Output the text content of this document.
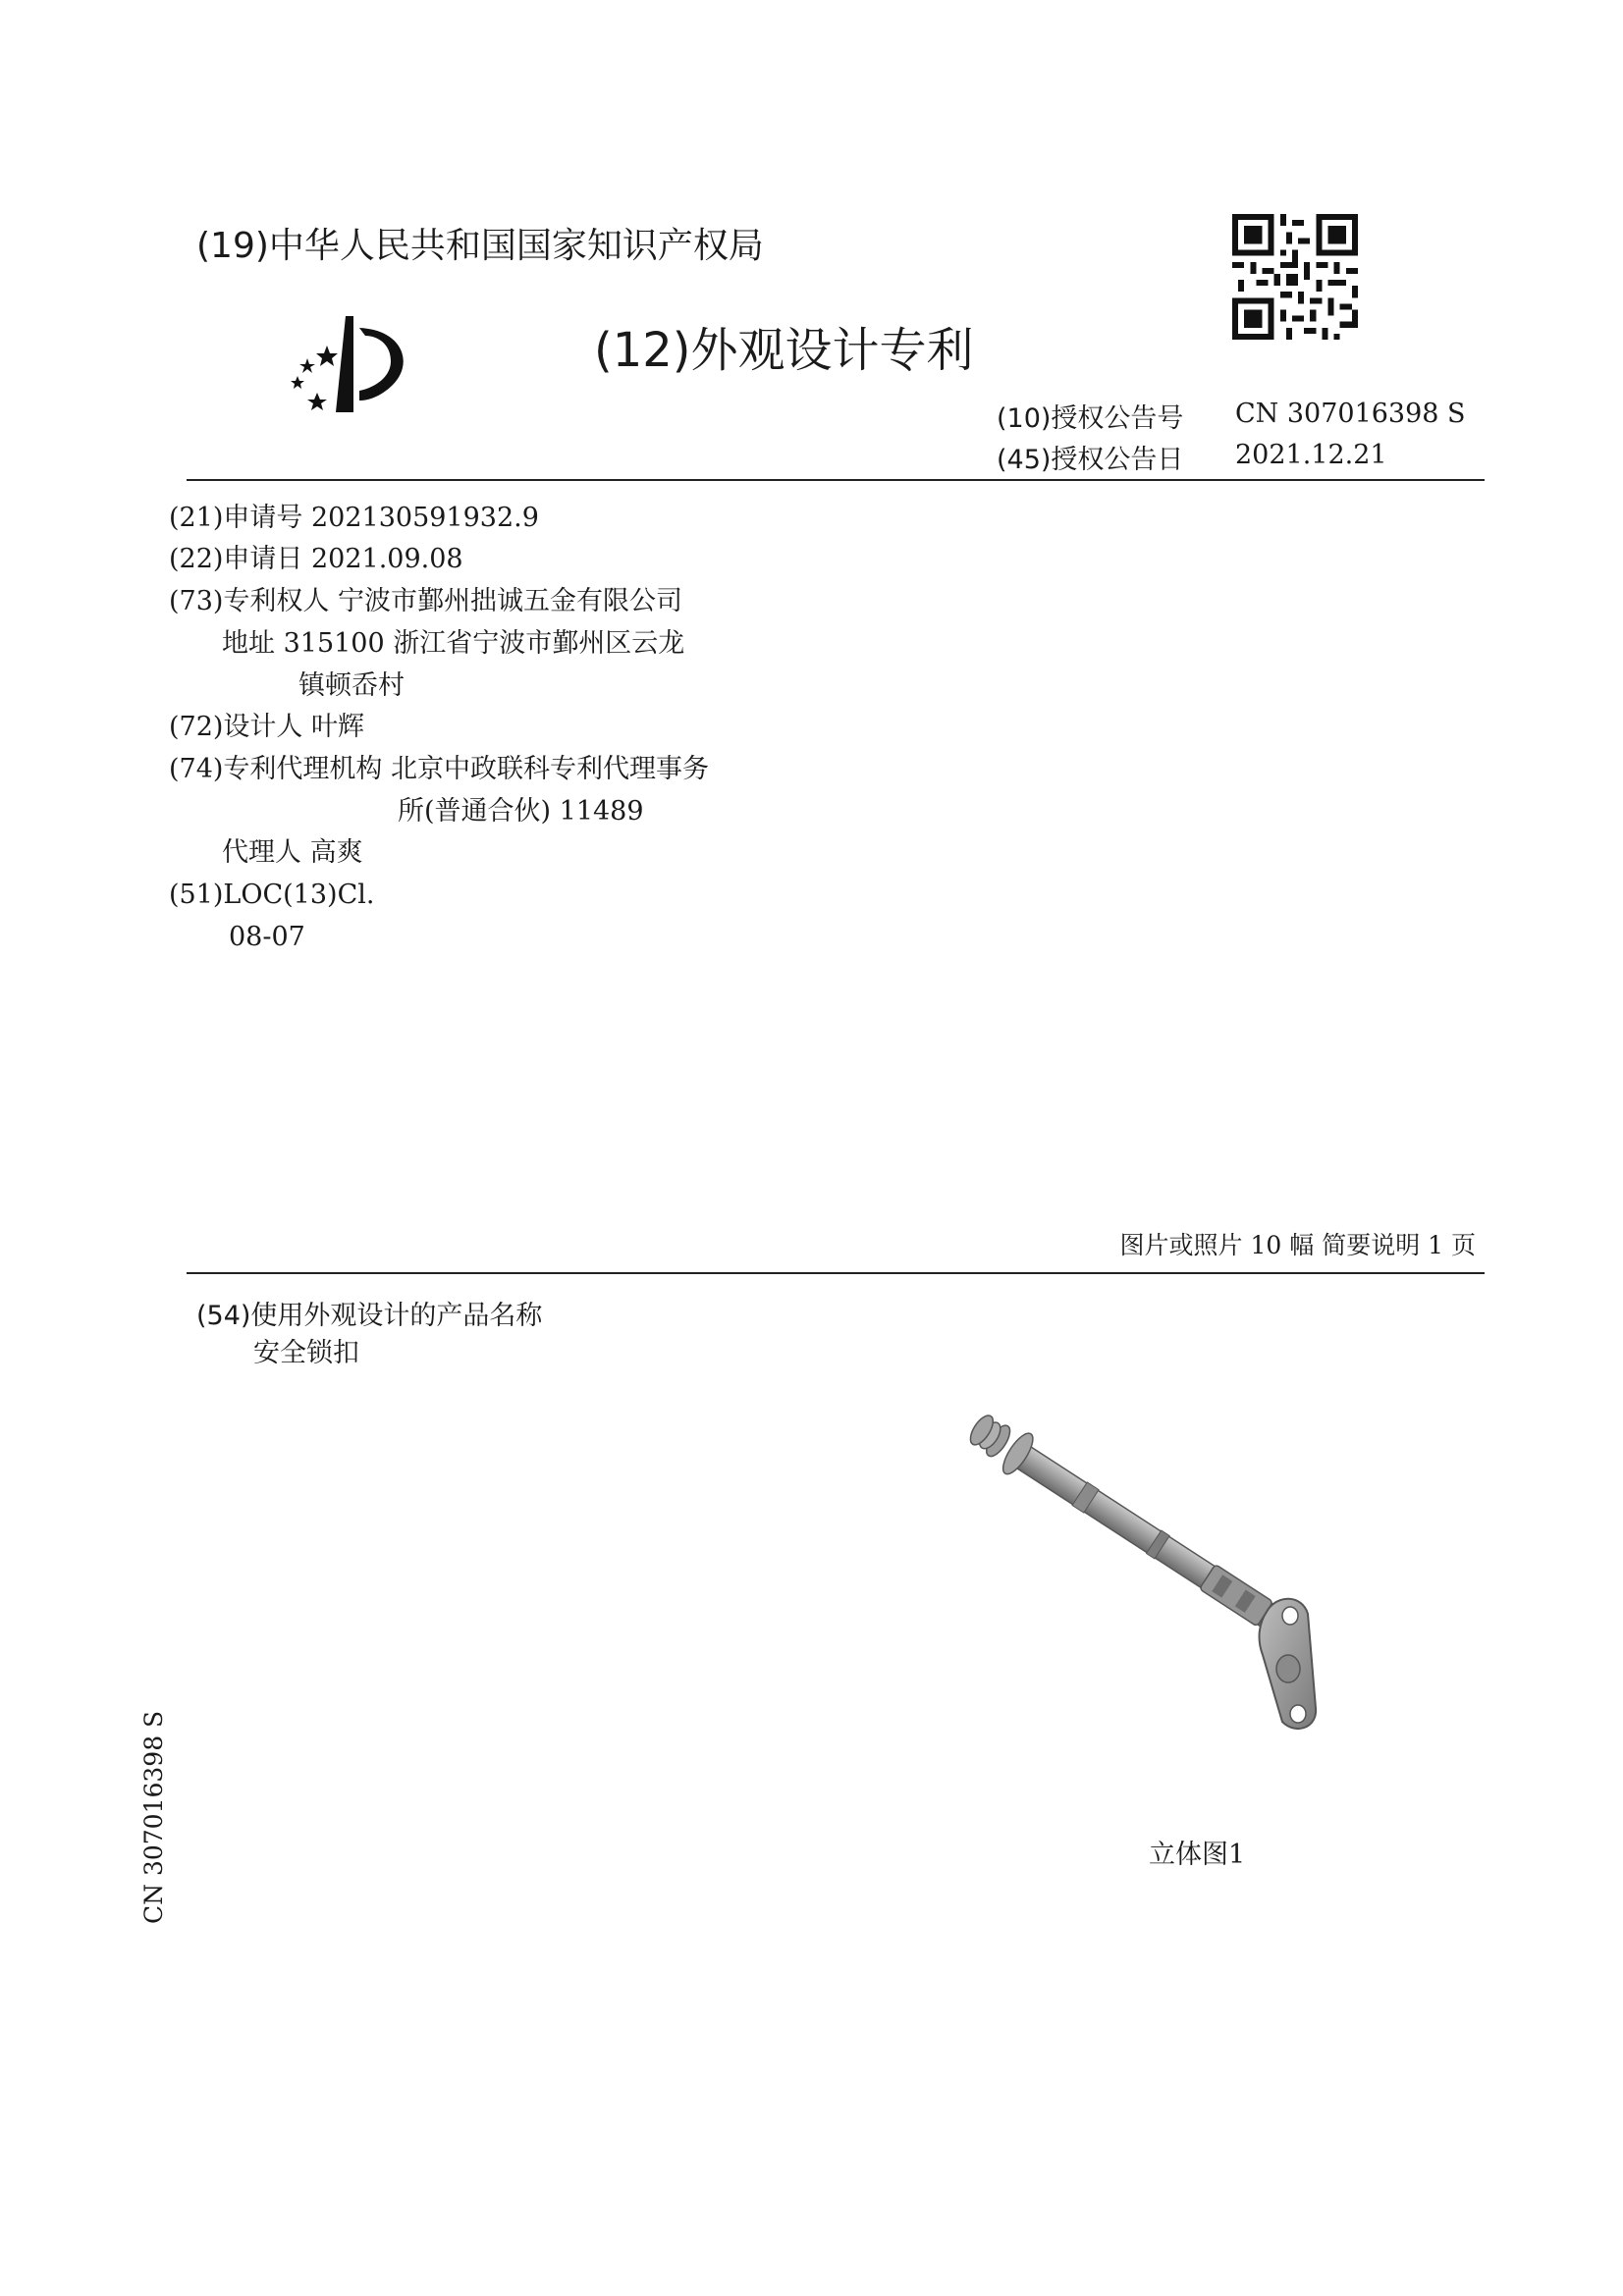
(19)中华人民共和国国家知识产权局
(12)外观设计专利
(10)授权公告号 CN 307016398 S
(45)授权公告日 2021.12.21
(21)申请号 202130591932.9
(22)申请日 2021.09.08
(73)专利权人 宁波市鄞州拙诚五金有限公司
地址 315100 浙江省宁波市鄞州区云龙
镇顿岙村
(72)设计人 叶辉
(74)专利代理机构 北京中政联科专利代理事务
所(普通合伙) 11489
代理人 高爽
(51)LOC(13)Cl.
08-07
图片或照片 10 幅 简要说明 1 页
(54)使用外观设计的产品名称
安全锁扣
立体图1
CN 307016398 S
